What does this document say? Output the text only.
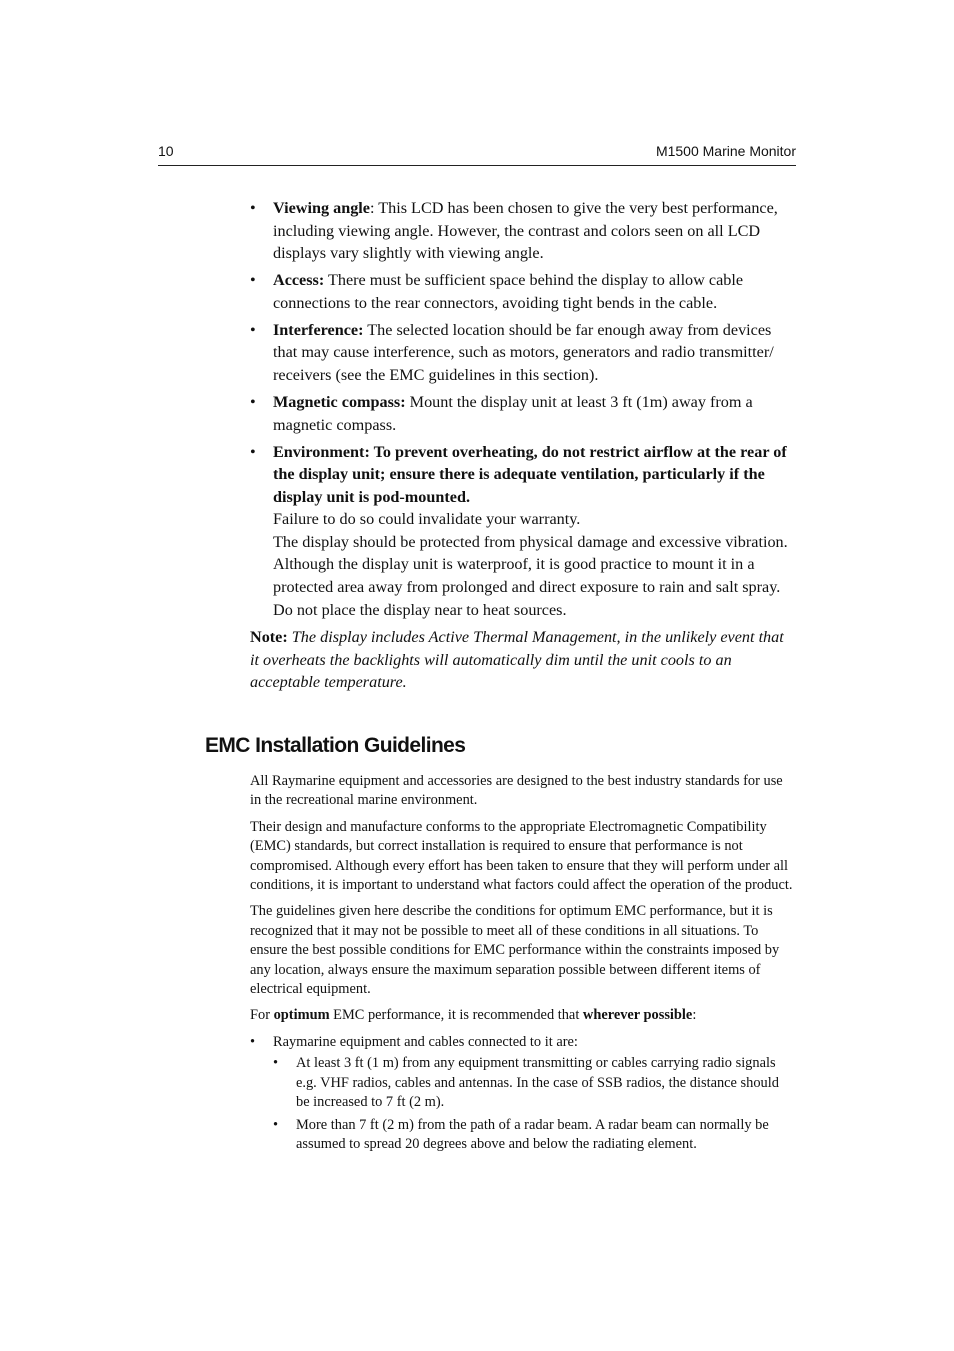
10	M1500 Marine Monitor
• Viewing angle: This LCD has been chosen to give the very best performance, including viewing angle. However, the contrast and colors seen on all LCD displays vary slightly with viewing angle.
• Access: There must be sufficient space behind the display to allow cable connections to the rear connectors, avoiding tight bends in the cable.
• Interference: The selected location should be far enough away from devices that may cause interference, such as motors, generators and radio transmitter/ receivers (see the EMC guidelines in this section).
• Magnetic compass: Mount the display unit at least 3 ft (1m) away from a magnetic compass.
• Environment: To prevent overheating, do not restrict airflow at the rear of the display unit; ensure there is adequate ventilation, particularly if the display unit is pod-mounted.
Failure to do so could invalidate your warranty.
The display should be protected from physical damage and excessive vibration. Although the display unit is waterproof, it is good practice to mount it in a protected area away from prolonged and direct exposure to rain and salt spray.
Do not place the display near to heat sources.
Note: The display includes Active Thermal Management, in the unlikely event that it overheats the backlights will automatically dim until the unit cools to an acceptable temperature.
EMC Installation Guidelines

All Raymarine equipment and accessories are designed to the best industry standards for use in the recreational marine environment.

Their design and manufacture conforms to the appropriate Electromagnetic Compatibility (EMC) standards, but correct installation is required to ensure that performance is not compromised. Although every effort has been taken to ensure that they will perform under all conditions, it is important to understand what factors could affect the operation of the product.

The guidelines given here describe the conditions for optimum EMC performance, but it is recognized that it may not be possible to meet all of these conditions in all situations. To ensure the best possible conditions for EMC performance within the constraints imposed by any location, always ensure the maximum separation possible between different items of electrical equipment.

For optimum EMC performance, it is recommended that wherever possible:

• Raymarine equipment and cables connected to it are:
• At least 3 ft (1 m) from any equipment transmitting or cables carrying radio signals e.g. VHF radios, cables and antennas. In the case of SSB radios, the distance should be increased to 7 ft (2 m).
• More than 7 ft (2 m) from the path of a radar beam. A radar beam can normally be assumed to spread 20 degrees above and below the radiating element.
